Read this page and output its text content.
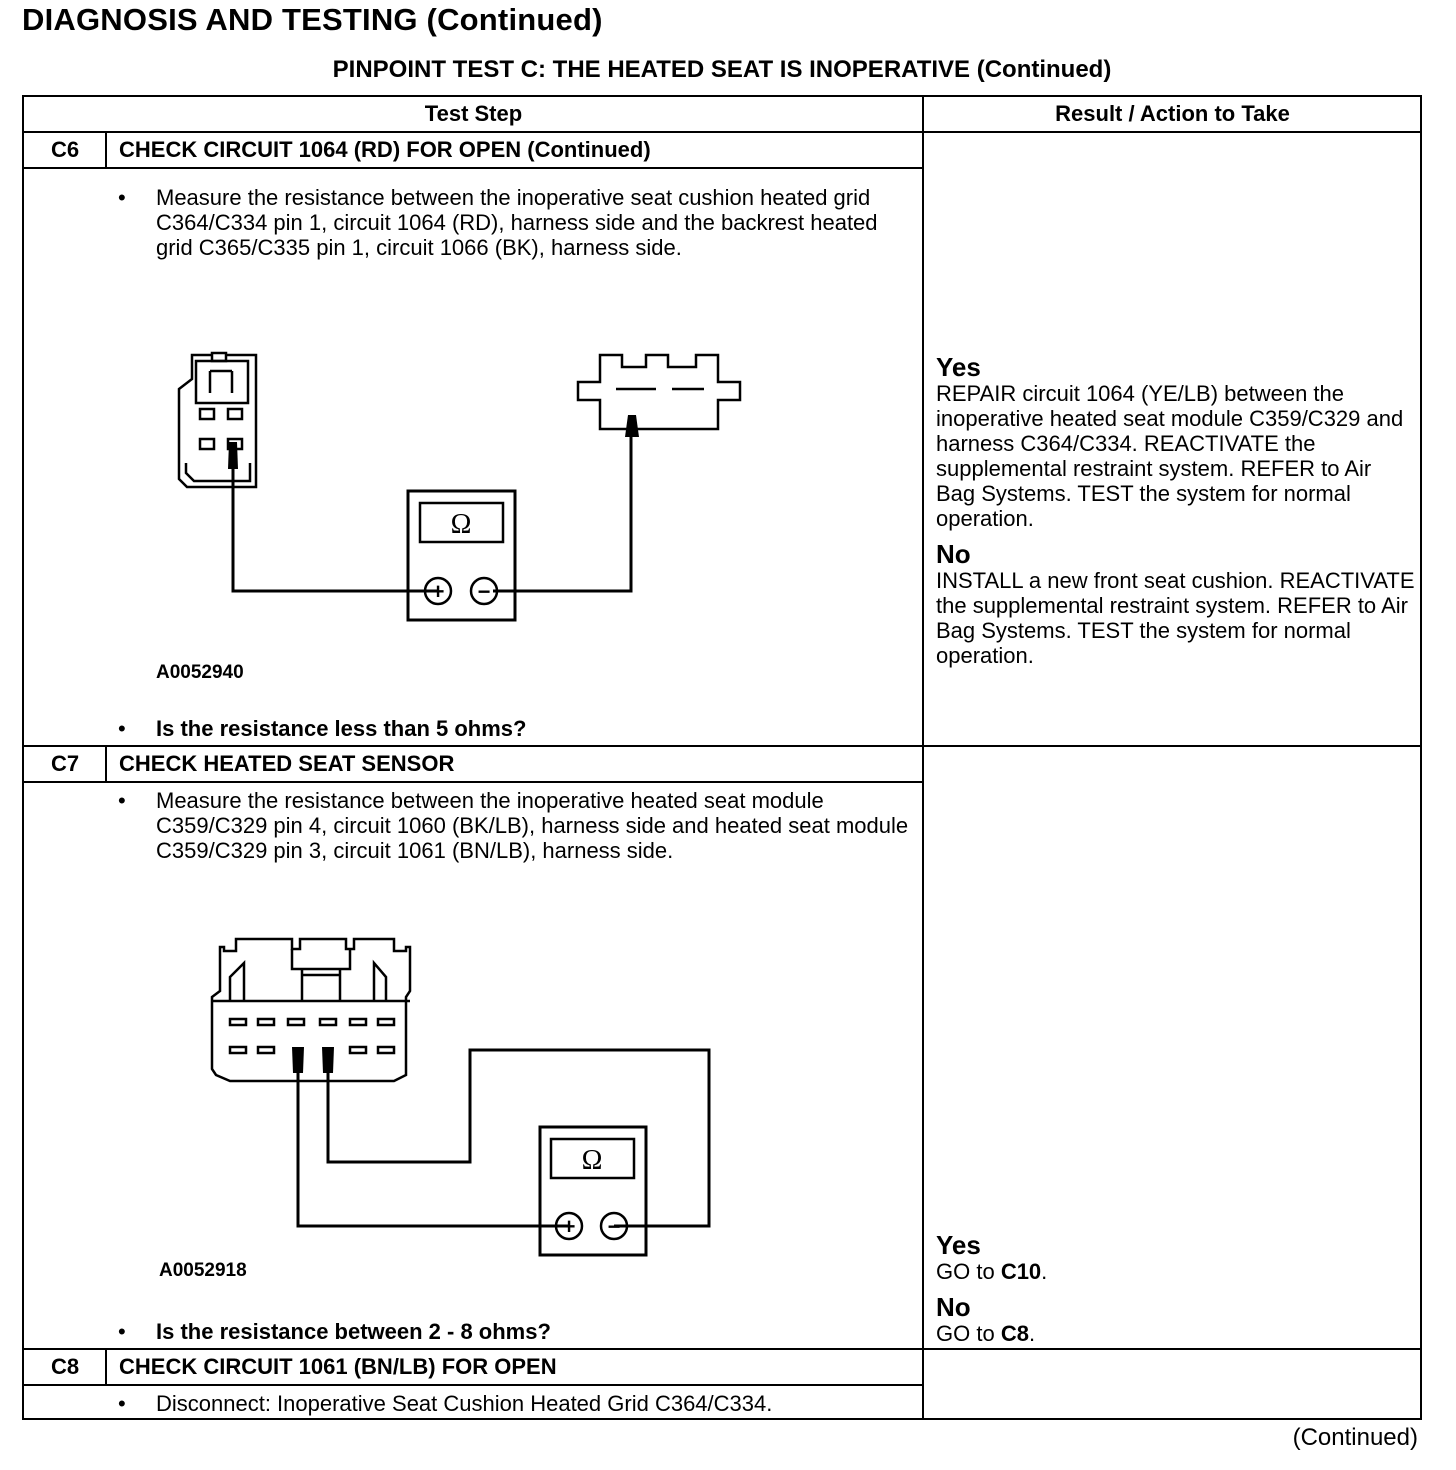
DIAGNOSIS AND TESTING (Continued)
PINPOINT TEST C: THE HEATED SEAT IS INOPERATIVE (Continued)
Test Step	Result / Action to Take
C6	CHECK CIRCUIT 1064 (RD) FOR OPEN (Continued)
• Measure the resistance between the inoperative seat cushion heated grid C364/C334 pin 1, circuit 1064 (RD), harness side and the backrest heated grid C365/C335 pin 1, circuit 1066 (BK), harness side.
Ω
+ −
A0052940
• Is the resistance less than 5 ohms?
Yes
REPAIR circuit 1064 (YE/LB) between the inoperative heated seat module C359/C329 and harness C364/C334. REACTIVATE the supplemental restraint system. REFER to Air Bag Systems. TEST the system for normal operation.
No
INSTALL a new front seat cushion. REACTIVATE the supplemental restraint system. REFER to Air Bag Systems. TEST the system for normal operation.
C7	CHECK HEATED SEAT SENSOR
• Measure the resistance between the inoperative heated seat module C359/C329 pin 4, circuit 1060 (BK/LB), harness side and heated seat module C359/C329 pin 3, circuit 1061 (BN/LB), harness side.
Ω
+ −
A0052918
• Is the resistance between 2 - 8 ohms?
Yes
GO to C10.
No
GO to C8.
C8	CHECK CIRCUIT 1061 (BN/LB) FOR OPEN
• Disconnect: Inoperative Seat Cushion Heated Grid C364/C334.
(Continued)
